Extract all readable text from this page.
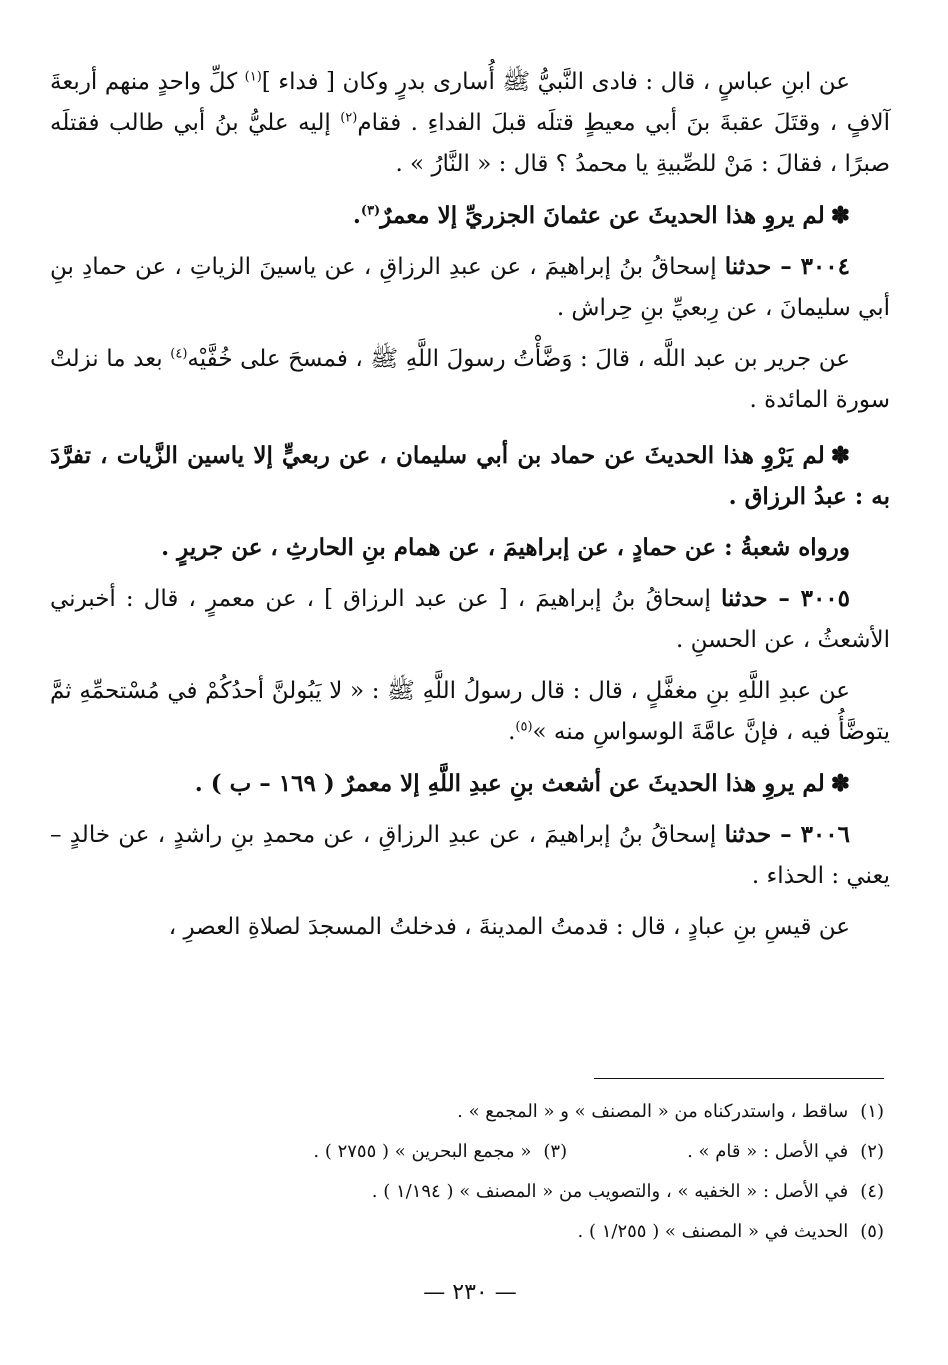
عن ابنِ عباسٍ ، قال : فادى النَّبيُّ ﷺ أُسارى بدرٍ وكان [ فداء ]$^{(١)}$ كلِّ واحدٍ منهم أربعةَ آلافٍ ، وقتَلَ عقبةَ بنَ أبي معيطٍ قتلَه قبلَ الفداءِ . فقام$^{(٢)}$ إليه عليُّ بنُ أبي طالب فقتلَه صبرًا ، فقالَ : مَنْ للصِّبيةِ يا محمدُ ؟ قال : « النَّارُ » .

✽لم يروِ هذا الحديثَ عن عثمانَ الجزريِّ إلا معمرٌ$^{(٣)}$.

٣٠٠٤ – حدثنا إسحاقُ بنُ إبراهيمَ ، عن عبدِ الرزاقِ ، عن ياسينَ الزياتِ ، عن حمادِ بنِ أبي سليمانَ ، عن رِبعيِّ بنِ حِراش .

عن جرير بن عبد اللَّه ، قالَ : وَضَّأْتُ رسولَ اللَّهِ ﷺ ، فمسحَ على خُفَّيْه$^{(٤)}$ بعد ما نزلتْ سورة المائدة .

✽لم يَرْوِ هذا الحديثَ عن حماد بن أبي سليمان ، عن ربعيٍّ إلا ياسين الزَّيات ، تفرَّدَ به : عبدُ الرزاق .

ورواه شعبةُ : عن حمادٍ ، عن إبراهيمَ ، عن همام بنِ الحارثِ ، عن جريرٍ .

٣٠٠٥ – حدثنا إسحاقُ بنُ إبراهيمَ ، [ عن عبد الرزاق ] ، عن معمرٍ ، قال : أخبرني الأشعثُ ، عن الحسنِ .

عن عبدِ اللَّهِ بنِ مغفَّلٍ ، قال : قال رسولُ اللَّهِ ﷺ : « لا يَبُولنَّ أحدُكُمْ في مُسْتحمِّهِ ثمَّ يتوضَّأُ فيه ، فإنَّ عامَّةَ الوسواسِ منه »$^{(٥)}$.

✽لم يروِ هذا الحديثَ عن أشعث بنِ عبدِ اللَّهِ إلا معمرٌ ( ١٦٩ – ب ) .

٣٠٠٦ – حدثنا إسحاقُ بنُ إبراهيمَ ، عن عبدِ الرزاقِ ، عن محمدِ بنِ راشدٍ ، عن خالدٍ – يعني : الحذاء .

عن قيسِ بنِ عبادٍ ، قال : قدمتُ المدينةَ ، فدخلتُ المسجدَ لصلاةِ العصرِ ،

(١)ساقط ، واستدركناه من « المصنف » و « المجمع » .
(٢)في الأصل : « قام » .(٣)« مجمع البحرين » ( ٢٧٥٥ ) .
(٤)في الأصل : « الخفيه » ، والتصويب من « المصنف » ( ١/١٩٤ ) .
(٥)الحديث في « المصنف » ( ١/٢٥٥ ) .
— ٢٣٠ —
